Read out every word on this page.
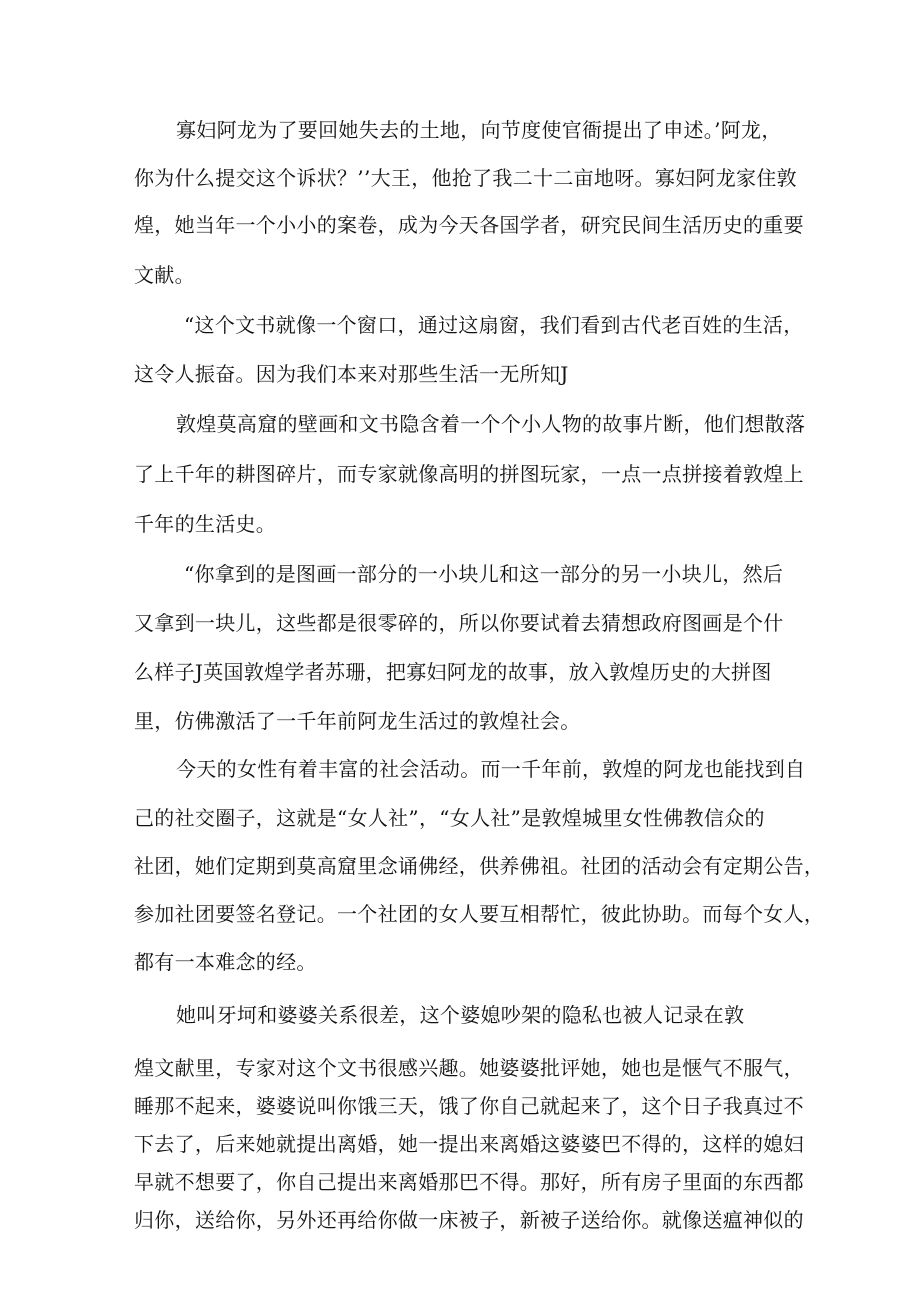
寡妇阿龙为了要回她失去的土地，向节度使官衙提出了申述。’阿龙，
你为什么提交这个诉状？’’大王，他抢了我二十二亩地呀。寡妇阿龙家住敦
煌，她当年一个小小的案卷，成为今天各国学者，研究民间生活历史的重要
文献。
“这个文书就像一个窗口，通过这扇窗，我们看到古代老百姓的生活，
这令人振奋。因为我们本来对那些生活一无所知J
敦煌莫高窟的壁画和文书隐含着一个个小人物的故事片断，他们想散落
了上千年的耕图碎片，而专家就像高明的拼图玩家，一点一点拼接着敦煌上
千年的生活史。
“你拿到的是图画一部分的一小块儿和这一部分的另一小块儿，然后
又拿到一块儿，这些都是很零碎的，所以你要试着去猜想政府图画是个什
么样子J英国敦煌学者苏珊，把寡妇阿龙的故事，放入敦煌历史的大拼图
里，仿佛激活了一千年前阿龙生活过的敦煌社会。
今天的女性有着丰富的社会活动。而一千年前，敦煌的阿龙也能找到自
己的社交圈子，这就是“女人社”，“女人社”是敦煌城里女性佛教信众的
社团，她们定期到莫高窟里念诵佛经，供养佛祖。社团的活动会有定期公告，
参加社团要签名登记。一个社团的女人要互相帮忙，彼此协助。而每个女人，
都有一本难念的经。
她叫牙坷和婆婆关系很差，这个婆媳吵架的隐私也被人记录在敦
煌文献里，专家对这个文书很感兴趣。她婆婆批评她，她也是惬气不服气，
睡那不起来，婆婆说叫你饿三天，饿了你自己就起来了，这个日子我真过不
下去了，后来她就提出离婚，她一提出来离婚这婆婆巴不得的，这样的媳妇
早就不想要了，你自己提出来离婚那巴不得。那好，所有房子里面的东西都
归你，送给你，另外还再给你做一床被子，新被子送给你。就像送瘟神似的
